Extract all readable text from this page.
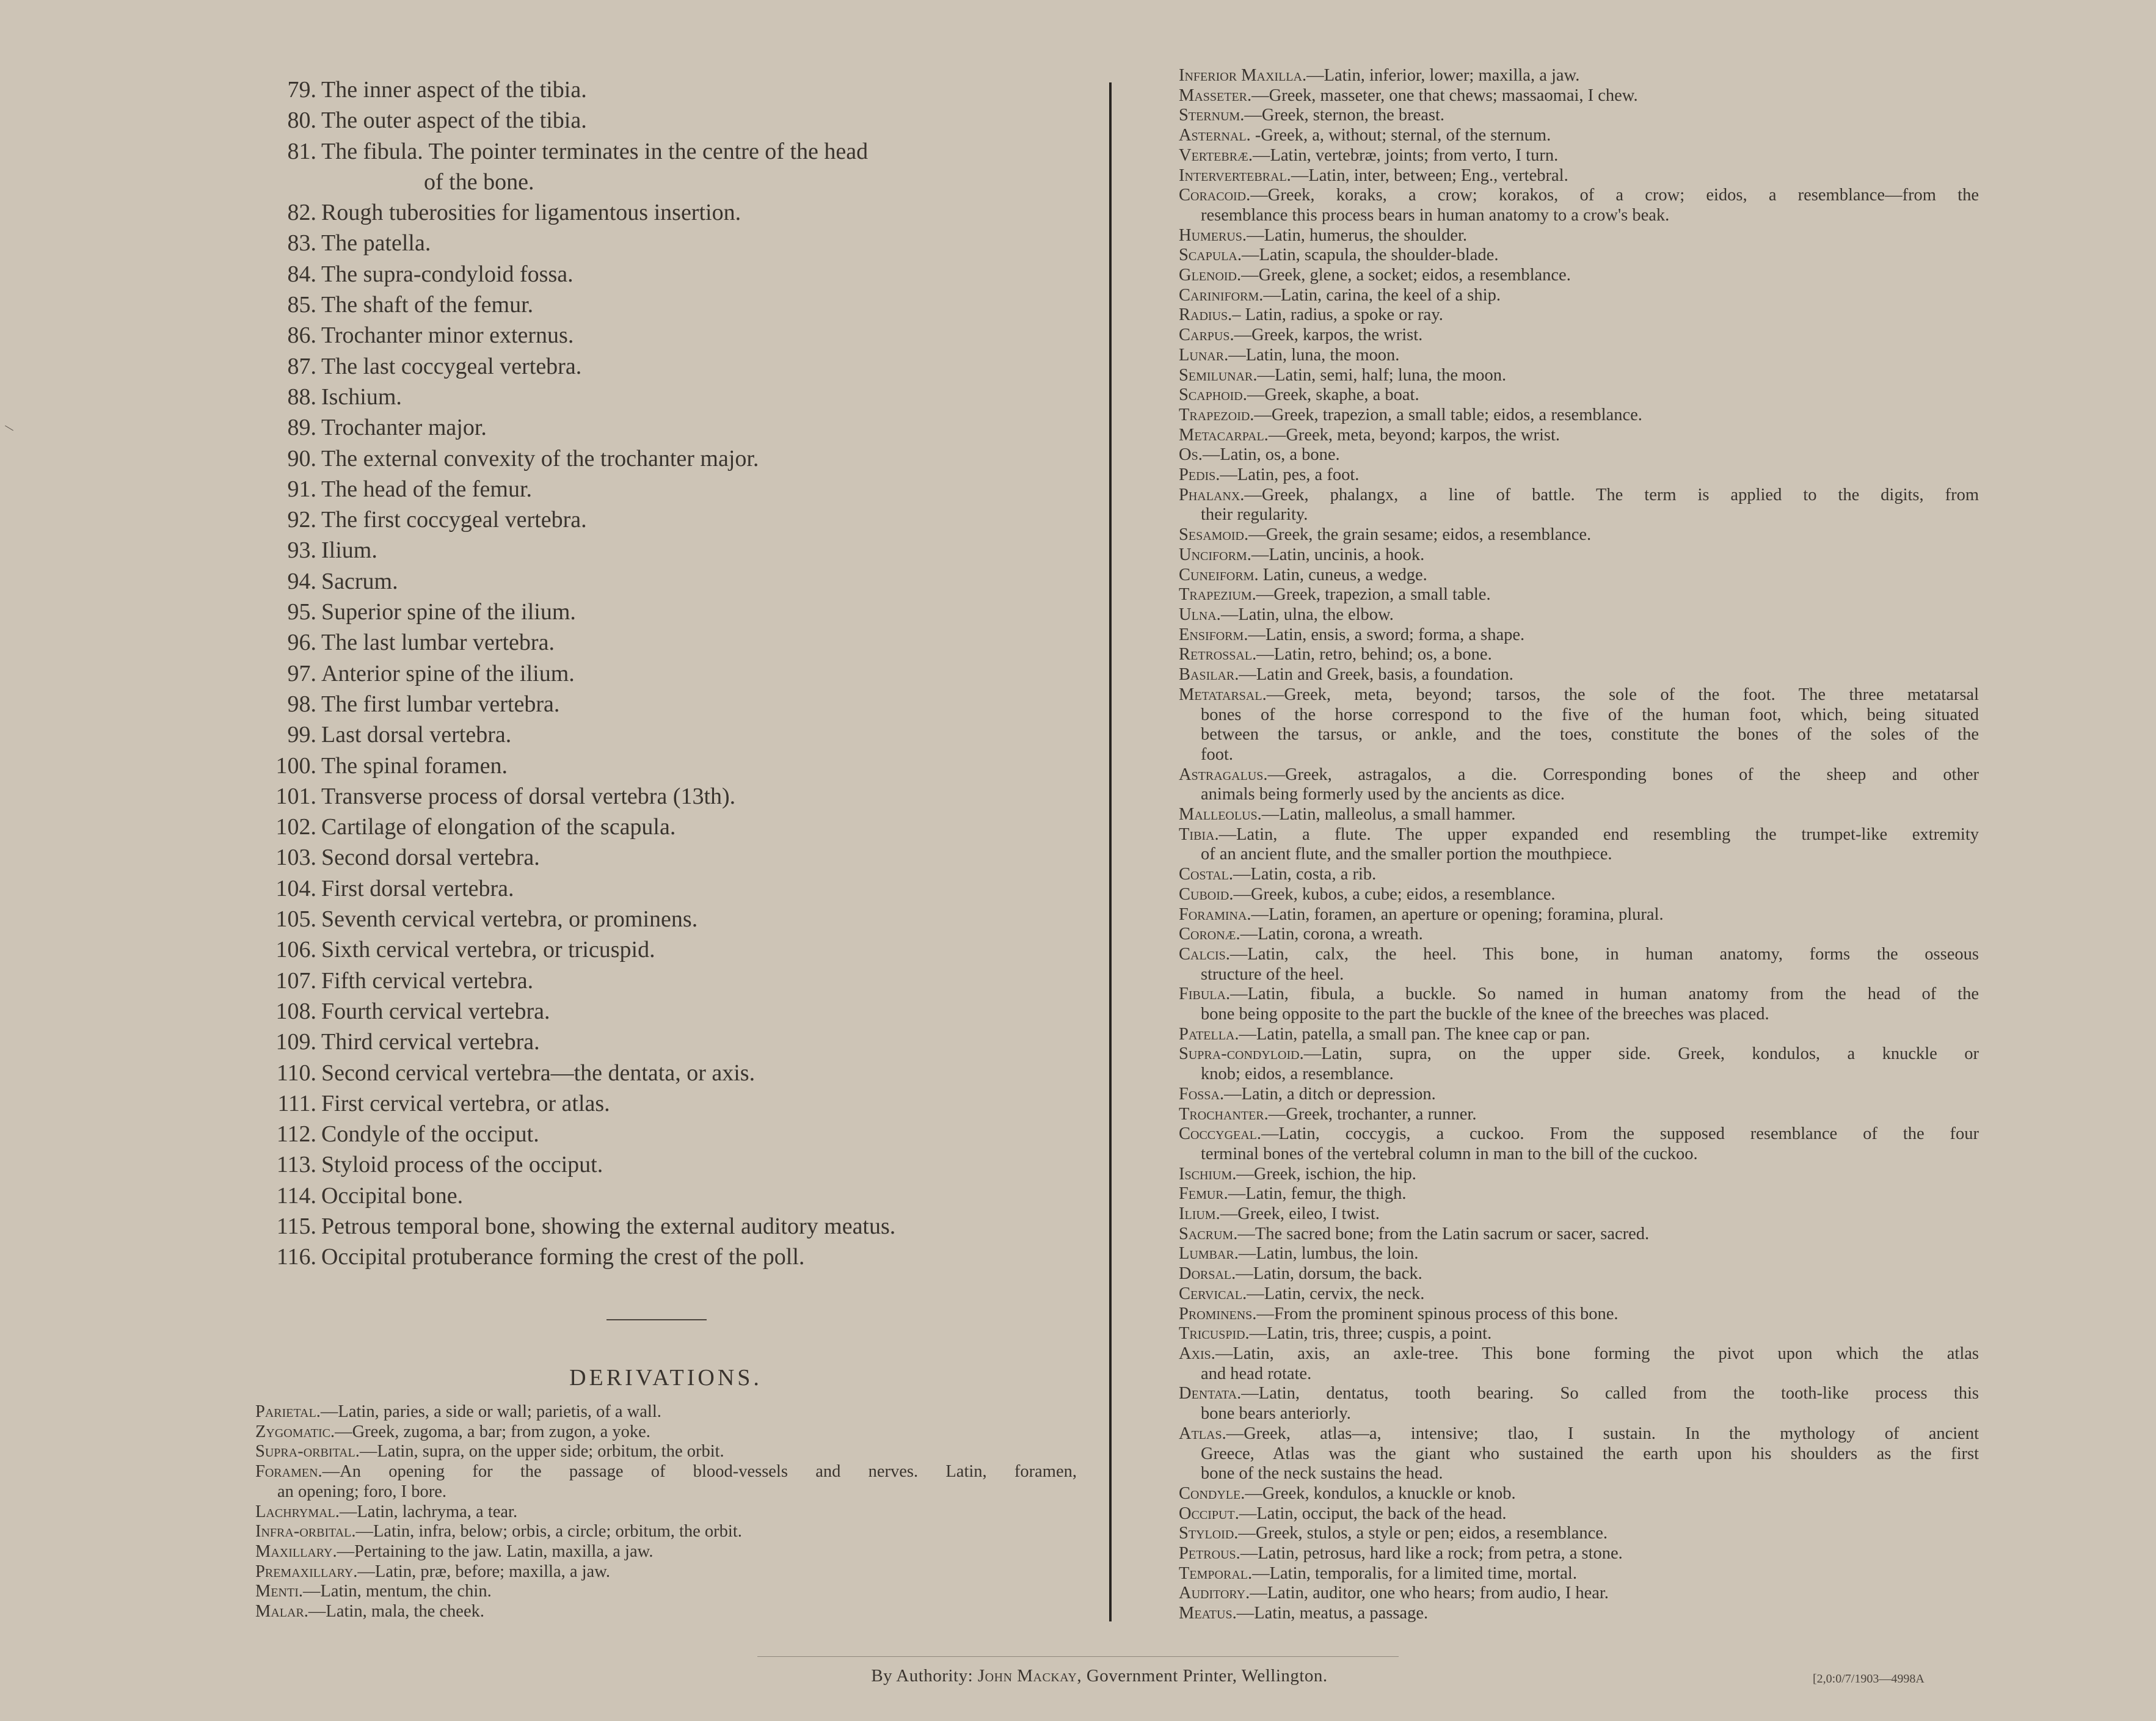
79. The inner aspect of the tibia.
80. The outer aspect of the tibia.
81. The fibula. The pointer terminates in the centre of the head
of the bone.
82. Rough tuberosities for ligamentous insertion.
83. The patella.
84. The supra-condyloid fossa.
85. The shaft of the femur.
86. Trochanter minor externus.
87. The last coccygeal vertebra.
88. Ischium.
89. Trochanter major.
90. The external convexity of the trochanter major.
91. The head of the femur.
92. The first coccygeal vertebra.
93. Ilium.
94. Sacrum.
95. Superior spine of the ilium.
96. The last lumbar vertebra.
97. Anterior spine of the ilium.
98. The first lumbar vertebra.
99. Last dorsal vertebra.
100. The spinal foramen.
101. Transverse process of dorsal vertebra (13th).
102. Cartilage of elongation of the scapula.
103. Second dorsal vertebra.
104. First dorsal vertebra.
105. Seventh cervical vertebra, or prominens.
106. Sixth cervical vertebra, or tricuspid.
107. Fifth cervical vertebra.
108. Fourth cervical vertebra.
109. Third cervical vertebra.
110. Second cervical vertebra—the dentata, or axis.
111. First cervical vertebra, or atlas.
112. Condyle of the occiput.
113. Styloid process of the occiput.
114. Occipital bone.
115. Petrous temporal bone, showing the external auditory meatus.
116. Occipital protuberance forming the crest of the poll.
DERIVATIONS.
Parietal.—Latin, paries, a side or wall; parietis, of a wall.
Zygomatic.—Greek, zugoma, a bar; from zugon, a yoke.
Supra-orbital.—Latin, supra, on the upper side; orbitum, the orbit.
Foramen.—An opening for the passage of blood-vessels and nerves. Latin, foramen,
an opening; foro, I bore.
Lachrymal.—Latin, lachryma, a tear.
Infra-orbital.—Latin, infra, below; orbis, a circle; orbitum, the orbit.
Maxillary.—Pertaining to the jaw. Latin, maxilla, a jaw.
Premaxillary.—Latin, præ, before; maxilla, a jaw.
Menti.—Latin, mentum, the chin.
Malar.—Latin, mala, the cheek.
Inferior Maxilla.—Latin, inferior, lower; maxilla, a jaw.
Masseter.—Greek, masseter, one that chews; massaomai, I chew.
Sternum.—Greek, sternon, the breast.
Asternal. -Greek, a, without; sternal, of the sternum.
Vertebræ.—Latin, vertebræ, joints; from verto, I turn.
Intervertebral.—Latin, inter, between; Eng., vertebral.
Coracoid.—Greek, koraks, a crow; korakos, of a crow; eidos, a resemblance—from the
resemblance this process bears in human anatomy to a crow's beak.
Humerus.—Latin, humerus, the shoulder.
Scapula.—Latin, scapula, the shoulder-blade.
Glenoid.—Greek, glene, a socket; eidos, a resemblance.
Cariniform.—Latin, carina, the keel of a ship.
Radius.– Latin, radius, a spoke or ray.
Carpus.—Greek, karpos, the wrist.
Lunar.—Latin, luna, the moon.
Semilunar.—Latin, semi, half; luna, the moon.
Scaphoid.—Greek, skaphe, a boat.
Trapezoid.—Greek, trapezion, a small table; eidos, a resemblance.
Metacarpal.—Greek, meta, beyond; karpos, the wrist.
Os.—Latin, os, a bone.
Pedis.—Latin, pes, a foot.
Phalanx.—Greek, phalangx, a line of battle. The term is applied to the digits, from
their regularity.
Sesamoid.—Greek, the grain sesame; eidos, a resemblance.
Unciform.—Latin, uncinis, a hook.
Cuneiform. Latin, cuneus, a wedge.
Trapezium.—Greek, trapezion, a small table.
Ulna.—Latin, ulna, the elbow.
Ensiform.—Latin, ensis, a sword; forma, a shape.
Retrossal.—Latin, retro, behind; os, a bone.
Basilar.—Latin and Greek, basis, a foundation.
Metatarsal.—Greek, meta, beyond; tarsos, the sole of the foot. The three metatarsal
bones of the horse correspond to the five of the human foot, which, being situated
between the tarsus, or ankle, and the toes, constitute the bones of the soles of the
foot.
Astragalus.—Greek, astragalos, a die. Corresponding bones of the sheep and other
animals being formerly used by the ancients as dice.
Malleolus.—Latin, malleolus, a small hammer.
Tibia.—Latin, a flute. The upper expanded end resembling the trumpet-like extremity
of an ancient flute, and the smaller portion the mouthpiece.
Costal.—Latin, costa, a rib.
Cuboid.—Greek, kubos, a cube; eidos, a resemblance.
Foramina.—Latin, foramen, an aperture or opening; foramina, plural.
Coronæ.—Latin, corona, a wreath.
Calcis.—Latin, calx, the heel. This bone, in human anatomy, forms the osseous
structure of the heel.
Fibula.—Latin, fibula, a buckle. So named in human anatomy from the head of the
bone being opposite to the part the buckle of the knee of the breeches was placed.
Patella.—Latin, patella, a small pan. The knee cap or pan.
Supra-condyloid.—Latin, supra, on the upper side. Greek, kondulos, a knuckle or
knob; eidos, a resemblance.
Fossa.—Latin, a ditch or depression.
Trochanter.—Greek, trochanter, a runner.
Coccygeal.—Latin, coccygis, a cuckoo. From the supposed resemblance of the four
terminal bones of the vertebral column in man to the bill of the cuckoo.
Ischium.—Greek, ischion, the hip.
Femur.—Latin, femur, the thigh.
Ilium.—Greek, eileo, I twist.
Sacrum.—The sacred bone; from the Latin sacrum or sacer, sacred.
Lumbar.—Latin, lumbus, the loin.
Dorsal.—Latin, dorsum, the back.
Cervical.—Latin, cervix, the neck.
Prominens.—From the prominent spinous process of this bone.
Tricuspid.—Latin, tris, three; cuspis, a point.
Axis.—Latin, axis, an axle-tree. This bone forming the pivot upon which the atlas
and head rotate.
Dentata.—Latin, dentatus, tooth bearing. So called from the tooth-like process this
bone bears anteriorly.
Atlas.—Greek, atlas—a, intensive; tlao, I sustain. In the mythology of ancient
Greece, Atlas was the giant who sustained the earth upon his shoulders as the first
bone of the neck sustains the head.
Condyle.—Greek, kondulos, a knuckle or knob.
Occiput.—Latin, occiput, the back of the head.
Styloid.—Greek, stulos, a style or pen; eidos, a resemblance.
Petrous.—Latin, petrosus, hard like a rock; from petra, a stone.
Temporal.—Latin, temporalis, for a limited time, mortal.
Auditory.—Latin, auditor, one who hears; from audio, I hear.
Meatus.—Latin, meatus, a passage.
By Authority: John Mackay, Government Printer, Wellington.	[2,0:0/7/1903—4998A
\
